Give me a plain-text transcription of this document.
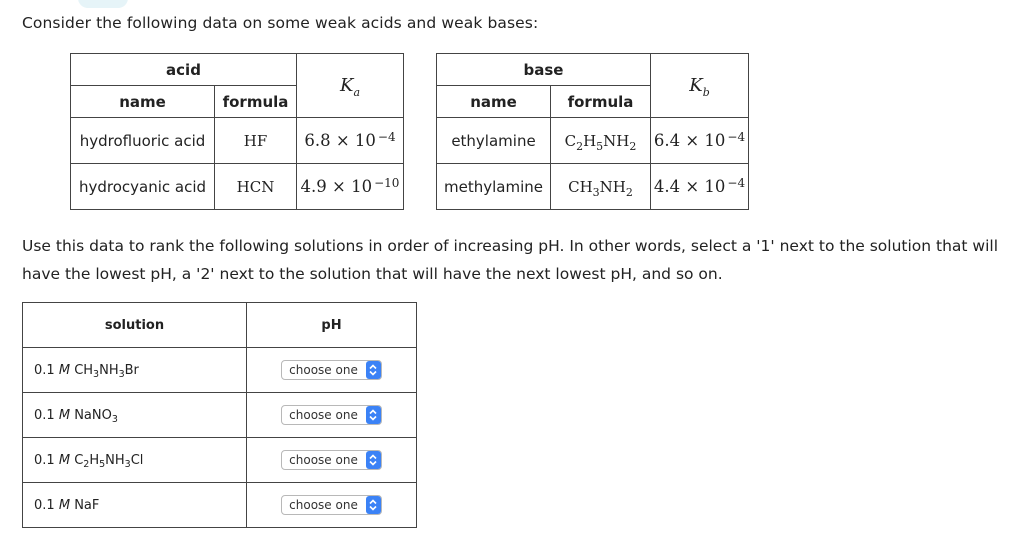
Consider the following data on some weak acids and weak bases:
acid		$K_a$
name	formula	
hydrofluoric acid	HF	6.8 × 10 $^{-4}$
hydrocyanic acid	HCN	4.9 × 10 $^{-10}$
base		$K_b$
name	formula	
ethylamine	$C_2H_5NH_2$	6.4 × 10 $^{-4}$
methylamine	$CH_3NH_2$	4.4 × 10 $^{-4}$
Use this data to rank the following solutions in order of increasing pH. In other words, select a '1' next to the solution that will have the lowest pH, a '2' next to the solution that will have the next lowest pH, and so on.
solution	pH
0.1 M $CH_3NH_3Br$	choose one

0.1 M NaNO$_3$	choose one

0.1 M $C_2H_5NH_3Cl$	choose one

0.1 M NaF	choose one
